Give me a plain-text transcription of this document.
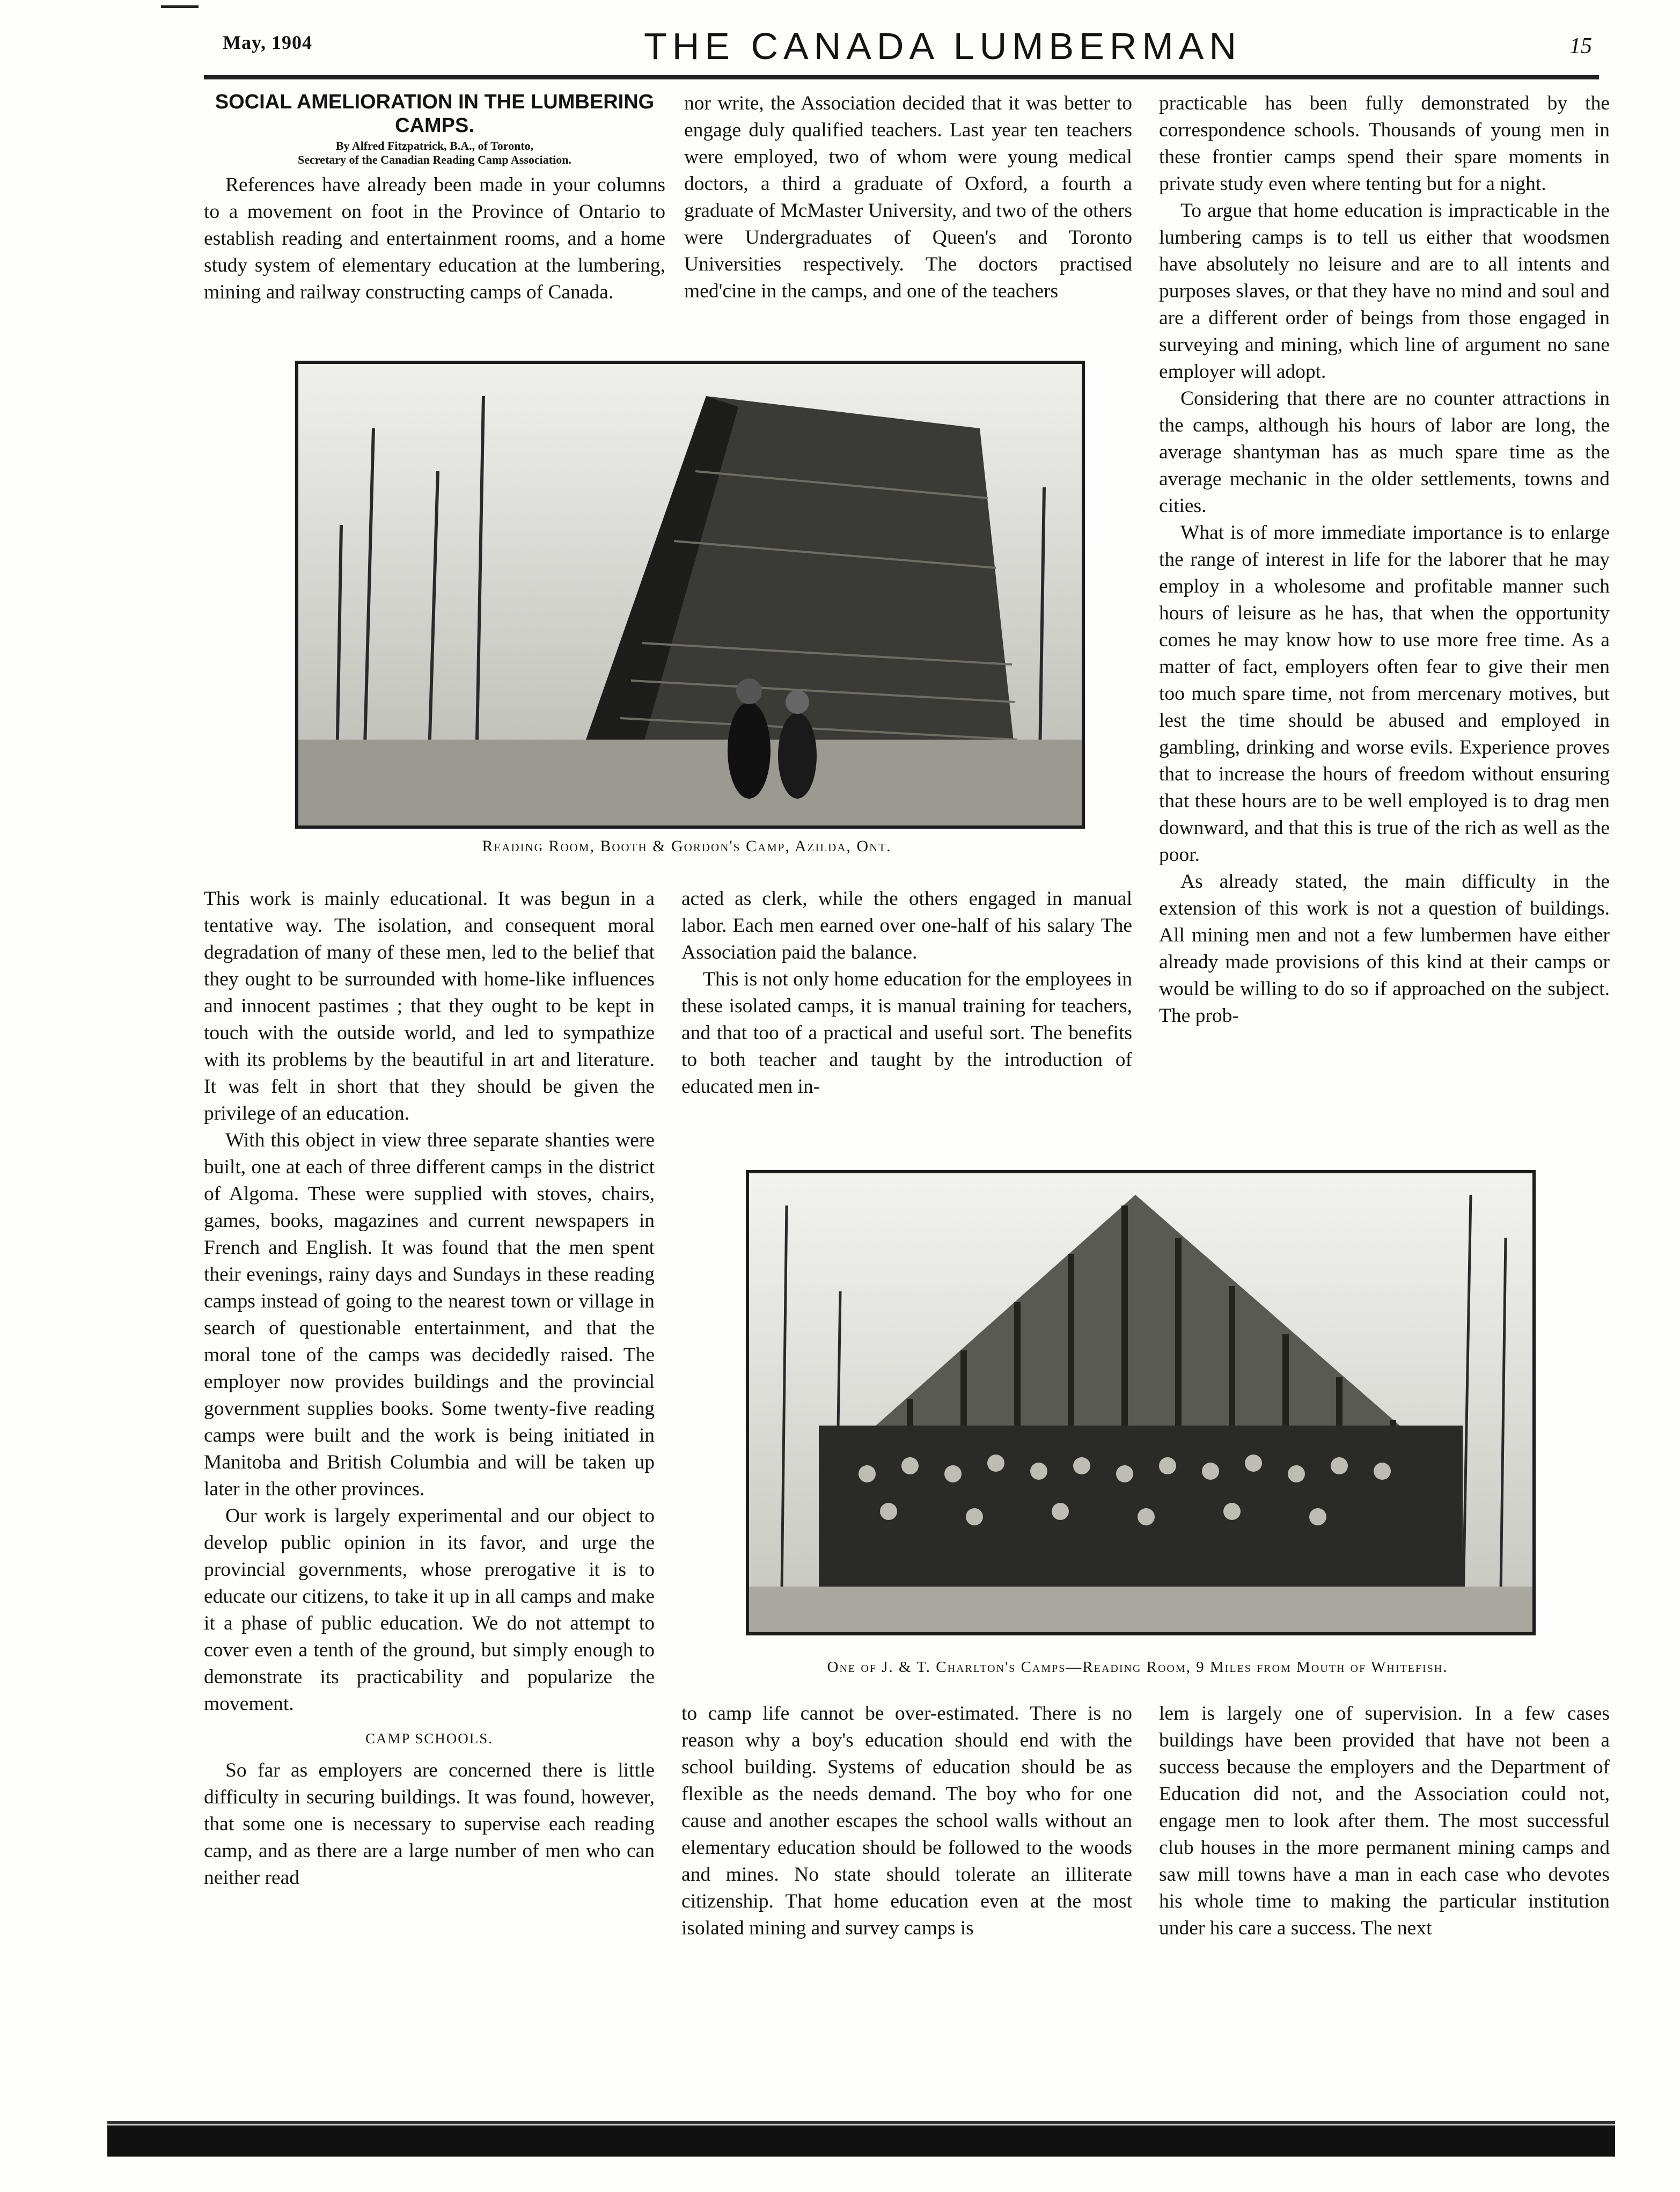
May, 1904	THE CANADA LUMBERMAN	15
SOCIAL AMELIORATION IN THE LUMBERING CAMPS.
By Alfred Fitzpatrick, B.A., of Toronto,
Secretary of the Canadian Reading Camp Association.

References have already been made in your columns to a movement on foot in the Province of Ontario to establish reading and entertainment rooms, and a home study system of elementary education at the lumbering, mining and railway constructing camps of Canada.

nor write, the Association decided that it was better to engage duly qualified teachers. Last year ten teachers were employed, two of whom were young medical doctors, a third a graduate of Oxford, a fourth a graduate of McMaster University, and two of the others were Undergraduates of Queen's and Toronto Universities respectively. The doctors practised med'cine in the camps, and one of the teachers

practicable has been fully demonstrated by the correspondence schools. Thousands of young men in these frontier camps spend their spare moments in private study even where tenting but for a night.

To argue that home education is impracticable in the lumbering camps is to tell us either that woodsmen have absolutely no leisure and are to all intents and purposes slaves, or that they have no mind and soul and are a different order of beings from those engaged in surveying and mining, which line of argument no sane employer will adopt.

Considering that there are no counter attractions in the camps, although his hours of labor are long, the average shantyman has as much spare time as the average mechanic in the older settlements, towns and cities.

What is of more immediate importance is to enlarge the range of interest in life for the laborer that he may employ in a wholesome and profitable manner such hours of leisure as he has, that when the opportunity comes he may know how to use more free time. As a matter of fact, employers often fear to give their men too much spare time, not from mercenary motives, but lest the time should be abused and employed in gambling, drinking and worse evils. Experience proves that to increase the hours of freedom without ensuring that these hours are to be well employed is to drag men downward, and that this is true of the rich as well as the poor.

As already stated, the main difficulty in the extension of this work is not a question of buildings. All mining men and not a few lumbermen have either already made provisions of this kind at their camps or would be willing to do so if approached on the subject. The prob-

Reading Room, Booth & Gordon's Camp, Azilda, Ont.

This work is mainly educational. It was begun in a tentative way. The isolation, and consequent moral degradation of many of these men, led to the belief that they ought to be surrounded with home-like influences and innocent pastimes ; that they ought to be kept in touch with the outside world, and led to sympathize with its problems by the beautiful in art and literature. It was felt in short that they should be given the privilege of an education.

With this object in view three separate shanties were built, one at each of three different camps in the district of Algoma. These were supplied with stoves, chairs, games, books, magazines and current newspapers in French and English. It was found that the men spent their evenings, rainy days and Sundays in these reading camps instead of going to the nearest town or village in search of questionable entertainment, and that the moral tone of the camps was decidedly raised. The employer now provides buildings and the provincial government supplies books. Some twenty-five reading camps were built and the work is being initiated in Manitoba and British Columbia and will be taken up later in the other provinces.

Our work is largely experimental and our object to develop public opinion in its favor, and urge the provincial governments, whose prerogative it is to educate our citizens, to take it up in all camps and make it a phase of public education. We do not attempt to cover even a tenth of the ground, but simply enough to demonstrate its practicability and popularize the movement.

CAMP SCHOOLS.

So far as employers are concerned there is little difficulty in securing buildings. It was found, however, that some one is necessary to supervise each reading camp, and as there are a large number of men who can neither read

acted as clerk, while the others engaged in manual labor. Each men earned over one-half of his salary The Association paid the balance.

This is not only home education for the employees in these isolated camps, it is manual training for teachers, and that too of a practical and useful sort. The benefits to both teacher and taught by the introduction of educated men in-

One of J. & T. Charlton's Camps—Reading Room, 9 Miles from Mouth of Whitefish.

to camp life cannot be over-estimated. There is no reason why a boy's education should end with the school building. Systems of education should be as flexible as the needs demand. The boy who for one cause and another escapes the school walls without an elementary education should be followed to the woods and mines. No state should tolerate an illiterate citizenship. That home education even at the most isolated mining and survey camps is

lem is largely one of supervision. In a few cases buildings have been provided that have not been a success because the employers and the Department of Education did not, and the Association could not, engage men to look after them. The most successful club houses in the more permanent mining camps and saw mill towns have a man in each case who devotes his whole time to making the particular institution under his care a success. The next
